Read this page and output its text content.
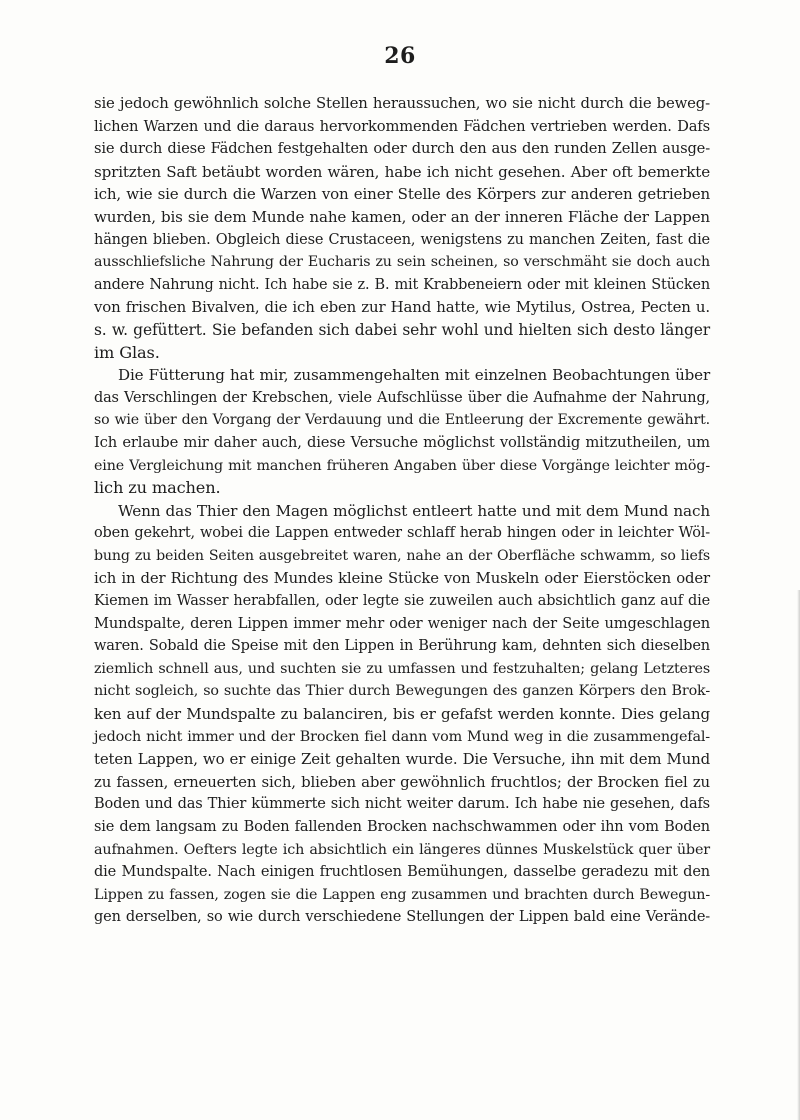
26
sie jedoch gewöhnlich solche Stellen heraussuchen, wo sie nicht durch die beweg-
lichen Warzen und die daraus hervorkommenden Fädchen vertrieben werden. Dafs
sie durch diese Fädchen festgehalten oder durch den aus den runden Zellen ausge-
spritzten Saft betäubt worden wären, habe ich nicht gesehen. Aber oft bemerkte
ich, wie sie durch die Warzen von einer Stelle des Körpers zur anderen getrieben
wurden, bis sie dem Munde nahe kamen, oder an der inneren Fläche der Lappen
hängen blieben. Obgleich diese Crustaceen, wenigstens zu manchen Zeiten, fast die
ausschliefsliche Nahrung der Eucharis zu sein scheinen, so verschmäht sie doch auch
andere Nahrung nicht. Ich habe sie z. B. mit Krabbeneiern oder mit kleinen Stücken
von frischen Bivalven, die ich eben zur Hand hatte, wie Mytilus, Ostrea, Pecten u.
s. w. gefüttert. Sie befanden sich dabei sehr wohl und hielten sich desto länger
im Glas.
Die Fütterung hat mir, zusammengehalten mit einzelnen Beobachtungen über
das Verschlingen der Krebschen, viele Aufschlüsse über die Aufnahme der Nahrung,
so wie über den Vorgang der Verdauung und die Entleerung der Excremente gewährt.
Ich erlaube mir daher auch, diese Versuche möglichst vollständig mitzutheilen, um
eine Vergleichung mit manchen früheren Angaben über diese Vorgänge leichter mög-
lich zu machen.
Wenn das Thier den Magen möglichst entleert hatte und mit dem Mund nach
oben gekehrt, wobei die Lappen entweder schlaff herab hingen oder in leichter Wöl-
bung zu beiden Seiten ausgebreitet waren, nahe an der Oberfläche schwamm, so liefs
ich in der Richtung des Mundes kleine Stücke von Muskeln oder Eierstöcken oder
Kiemen im Wasser herabfallen, oder legte sie zuweilen auch absichtlich ganz auf die
Mundspalte, deren Lippen immer mehr oder weniger nach der Seite umgeschlagen
waren. Sobald die Speise mit den Lippen in Berührung kam, dehnten sich dieselben
ziemlich schnell aus, und suchten sie zu umfassen und festzuhalten; gelang Letzteres
nicht sogleich, so suchte das Thier durch Bewegungen des ganzen Körpers den Brok-
ken auf der Mundspalte zu balanciren, bis er gefafst werden konnte. Dies gelang
jedoch nicht immer und der Brocken fiel dann vom Mund weg in die zusammengefal-
teten Lappen, wo er einige Zeit gehalten wurde. Die Versuche, ihn mit dem Mund
zu fassen, erneuerten sich, blieben aber gewöhnlich fruchtlos; der Brocken fiel zu
Boden und das Thier kümmerte sich nicht weiter darum. Ich habe nie gesehen, dafs
sie dem langsam zu Boden fallenden Brocken nachschwammen oder ihn vom Boden
aufnahmen. Oefters legte ich absichtlich ein längeres dünnes Muskelstück quer über
die Mundspalte. Nach einigen fruchtlosen Bemühungen, dasselbe geradezu mit den
Lippen zu fassen, zogen sie die Lappen eng zusammen und brachten durch Bewegun-
gen derselben, so wie durch verschiedene Stellungen der Lippen bald eine Verände-
